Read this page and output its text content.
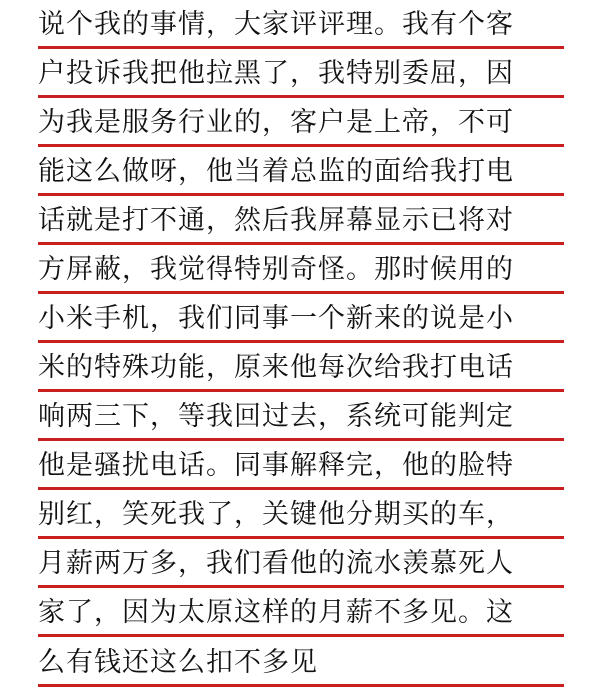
说个我的事情，大家评评理。我有个客
户投诉我把他拉黑了，我特别委屈，因
为我是服务行业的，客户是上帝，不可
能这么做呀，他当着总监的面给我打电
话就是打不通，然后我屏幕显示已将对
方屏蔽，我觉得特别奇怪。那时候用的
小米手机，我们同事一个新来的说是小
米的特殊功能，原来他每次给我打电话
响两三下，等我回过去，系统可能判定
他是骚扰电话。同事解释完，他的脸特
别红，笑死我了，关键他分期买的车，
月薪两万多，我们看他的流水羡慕死人
家了，因为太原这样的月薪不多见。这
么有钱还这么扣不多见
